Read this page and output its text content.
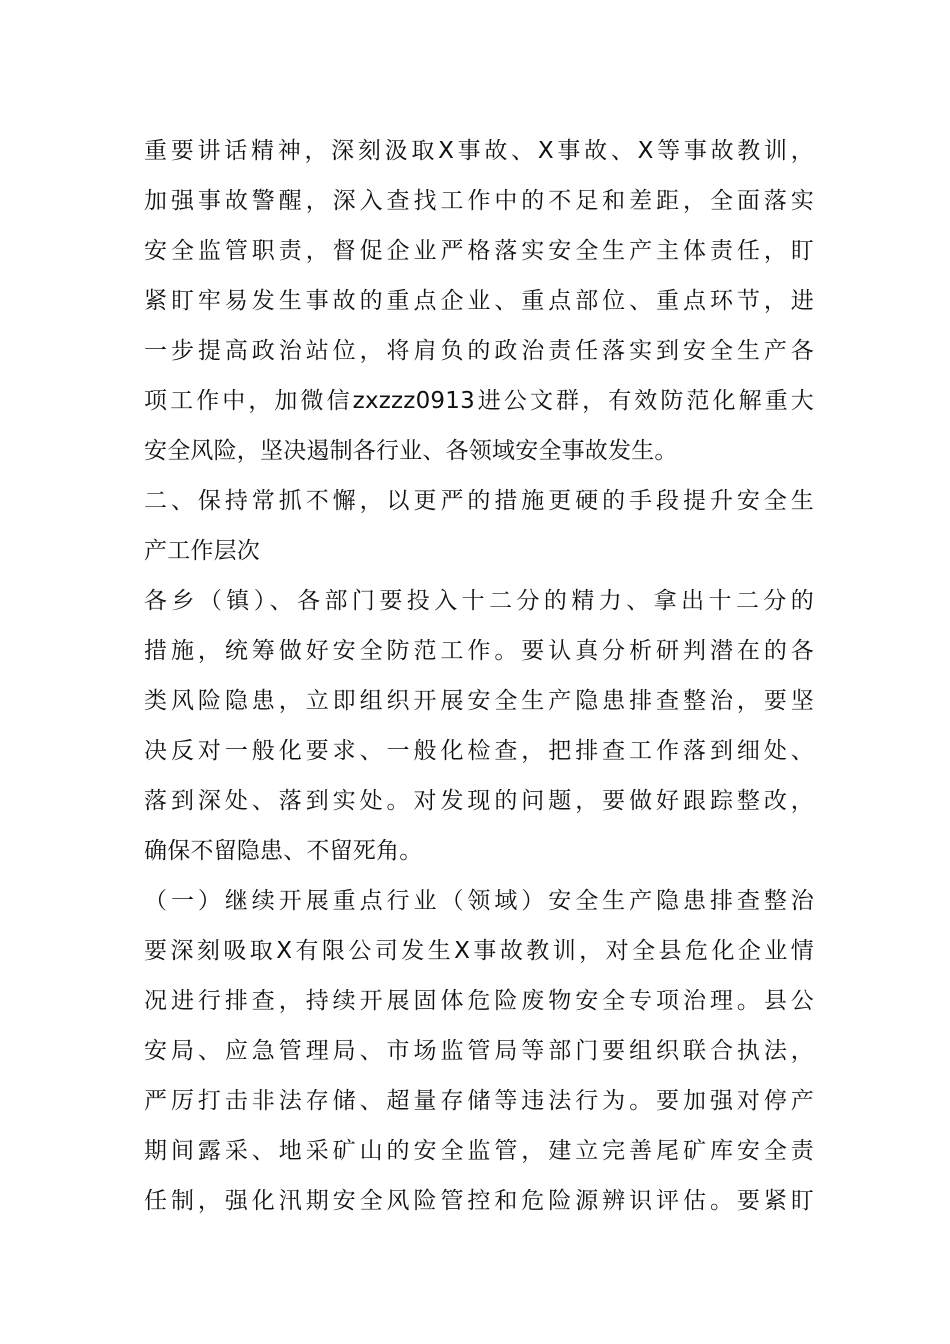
重要讲话精神，深刻汲取X事故、X事故、X等事故教训，
加强事故警醒，深入查找工作中的不足和差距，全面落实
安全监管职责，督促企业严格落实安全生产主体责任，盯
紧盯牢易发生事故的重点企业、重点部位、重点环节，进
一步提高政治站位，将肩负的政治责任落实到安全生产各
项工作中，加微信zxzzz0913进公文群，有效防范化解重大
安全风险，坚决遏制各行业、各领域安全事故发生。
二、保持常抓不懈，以更严的措施更硬的手段提升安全生
产工作层次
各乡（镇）、各部门要投入十二分的精力、拿出十二分的
措施，统筹做好安全防范工作。要认真分析研判潜在的各
类风险隐患，立即组织开展安全生产隐患排查整治，要坚
决反对一般化要求、一般化检查，把排查工作落到细处、
落到深处、落到实处。对发现的问题，要做好跟踪整改，
确保不留隐患、不留死角。
（一）继续开展重点行业（领域）安全生产隐患排查整治
要深刻吸取X有限公司发生X事故教训，对全县危化企业情
况进行排查，持续开展固体危险废物安全专项治理。县公
安局、应急管理局、市场监管局等部门要组织联合执法，
严厉打击非法存储、超量存储等违法行为。要加强对停产
期间露采、地采矿山的安全监管，建立完善尾矿库安全责
任制，强化汛期安全风险管控和危险源辨识评估。要紧盯
